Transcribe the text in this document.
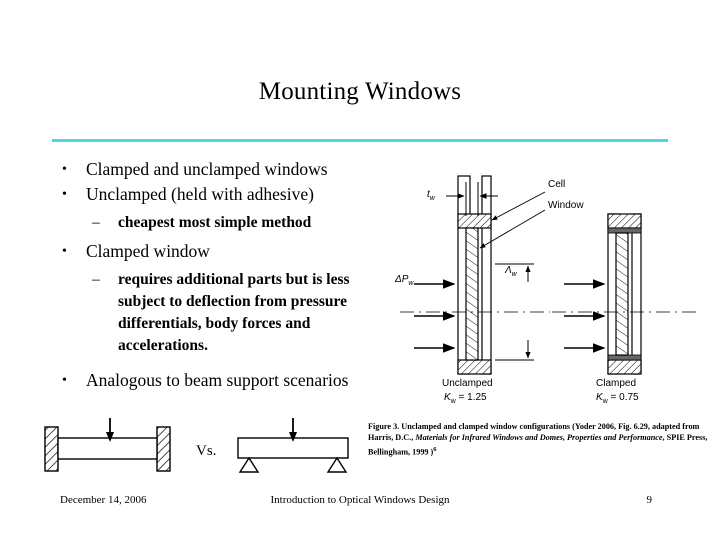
Mounting Windows
• Clamped and unclamped windows
• Unclamped (held with adhesive)
– cheapest most simple method
• Clamped window
– requires additional parts but is less subject to deflection from pressure differentials, body forces and accelerations.
• Analogous to beam support scenarios
Vs.
Cell
Window
$t_w$
$\Delta P_w$
$\Lambda_w$
Unclamped
$K_w = 1.25$
Clamped
$K_w = 0.75$
Figure 3. Unclamped and clamped window configurations (Yoder 2006, Fig. 6.29, adapted from Harris, D.C., Materials for Infrared Windows and Domes, Properties and Performance, SPIE Press, Bellingham, 1999 )$^6$
December 14, 2006	Introduction to Optical Windows Design	9
